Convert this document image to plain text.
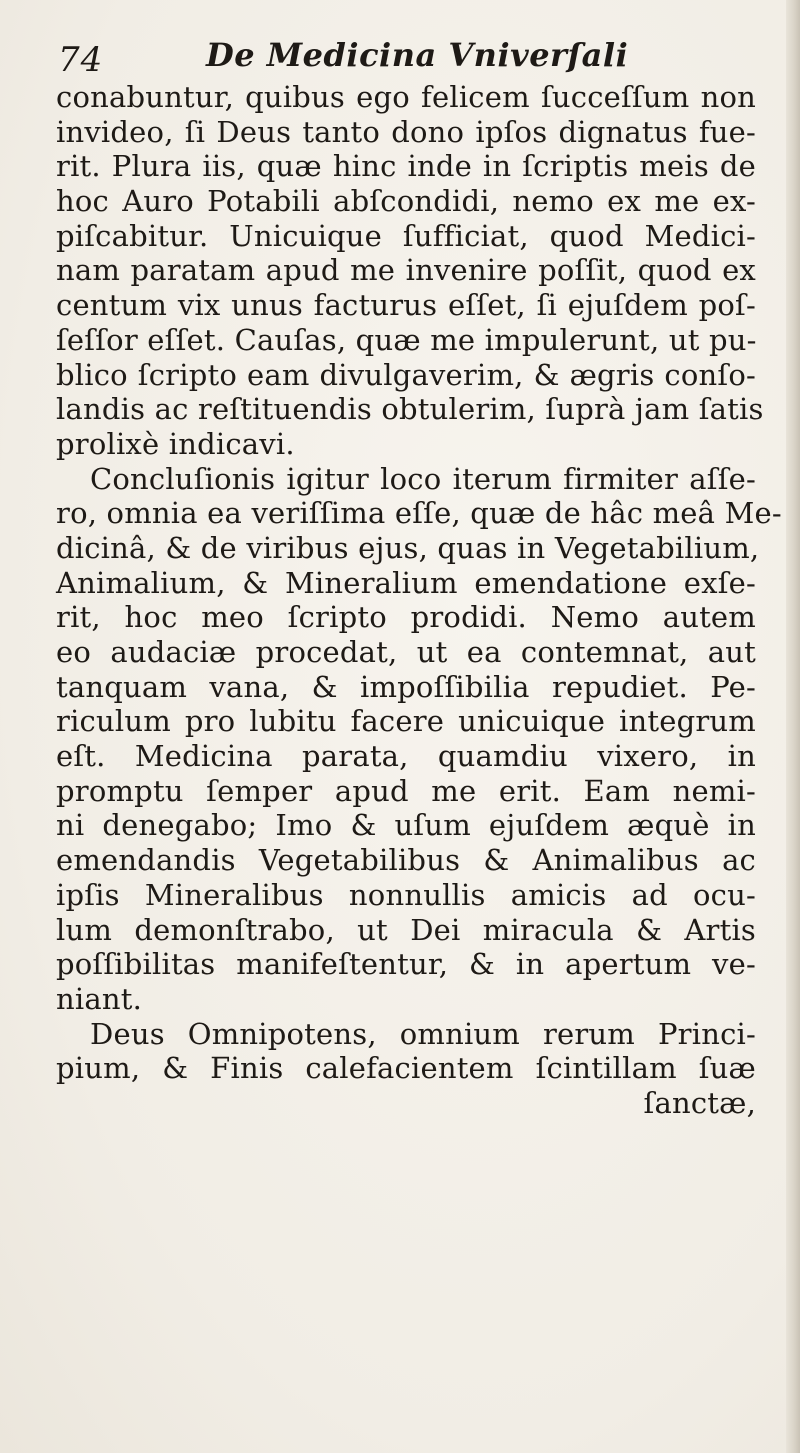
74	De Medicina Vniverſali
conabuntur, quibus ego felicem ſucceſſum non
invideo, ſi Deus tanto dono ipſos dignatus fue-
rit. Plura iis, quæ hinc inde in ſcriptis meis de
hoc Auro Potabili abſcondidi, nemo ex me ex-
piſcabitur. Unicuique ſufficiat, quod Medici-
nam paratam apud me invenire poſſit, quod ex
centum vix unus facturus eſſet, ſi ejuſdem poſ-
ſeſſor eſſet. Cauſas, quæ me impulerunt, ut pu-
blico ſcripto eam divulgaverim, & ægris conſo-
landis ac reſtituendis obtulerim, ſuprà jam ſatis
prolixè indicavi.
Concluſionis igitur loco iterum firmiter aſſe-
ro, omnia ea veriſſima eſſe, quæ de hâc meâ Me-
dicinâ, & de viribus ejus, quas in Vegetabilium,
Animalium, & Mineralium emendatione exſe-
rit, hoc meo ſcripto prodidi. Nemo autem
eo audaciæ procedat, ut ea contemnat, aut
tanquam vana, & impoſſibilia repudiet. Pe-
riculum pro lubitu facere unicuique integrum
eſt. Medicina parata, quamdiu vixero, in
promptu ſemper apud me erit. Eam nemi-
ni denegabo; Imo & uſum ejuſdem æquè in
emendandis Vegetabilibus & Animalibus ac
ipſis Mineralibus nonnullis amicis ad ocu-
lum demonſtrabo, ut Dei miracula & Artis
poſſibilitas manifeſtentur, & in apertum ve-
niant.
Deus Omnipotens, omnium rerum Princi-
pium, & Finis calefacientem ſcintillam ſuæ
ſanctæ,
